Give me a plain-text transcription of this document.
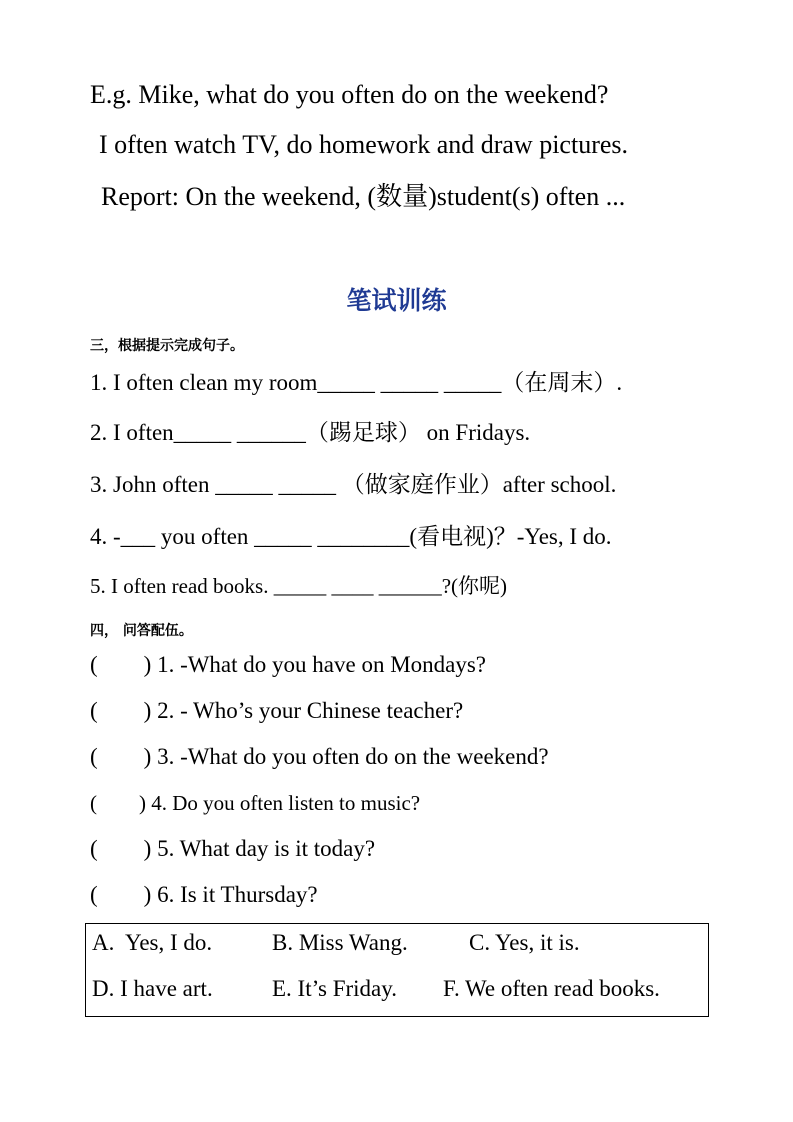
E.g. Mike, what do you often do on the weekend?
I often watch TV, do homework and draw pictures.
Report: On the weekend, (数量)student(s) often ...
笔试训练
三，根据提示完成句子。
1. I often clean my room_____ _____ _____（在周末）.
2. I often_____ ______（踢足球） on Fridays.
3. John often _____ _____ （做家庭作业）after school.
4. -___ you often _____ ________(看电视)？-Yes, I do.
5. I often read books. _____ ____ ______?(你呢)
四， 问答配伍。
(        ) 1. -What do you have on Mondays?
(        ) 2. - Who’s your Chinese teacher?
(        ) 3. -What do you often do on the weekend?
(        ) 4. Do you often listen to music?
(        ) 5. What day is it today?
(        ) 6. Is it Thursday?
A.  Yes, I do.	B. Miss Wang.	C. Yes, it is.
D. I have art.	E. It’s Friday. F. We often read books.
